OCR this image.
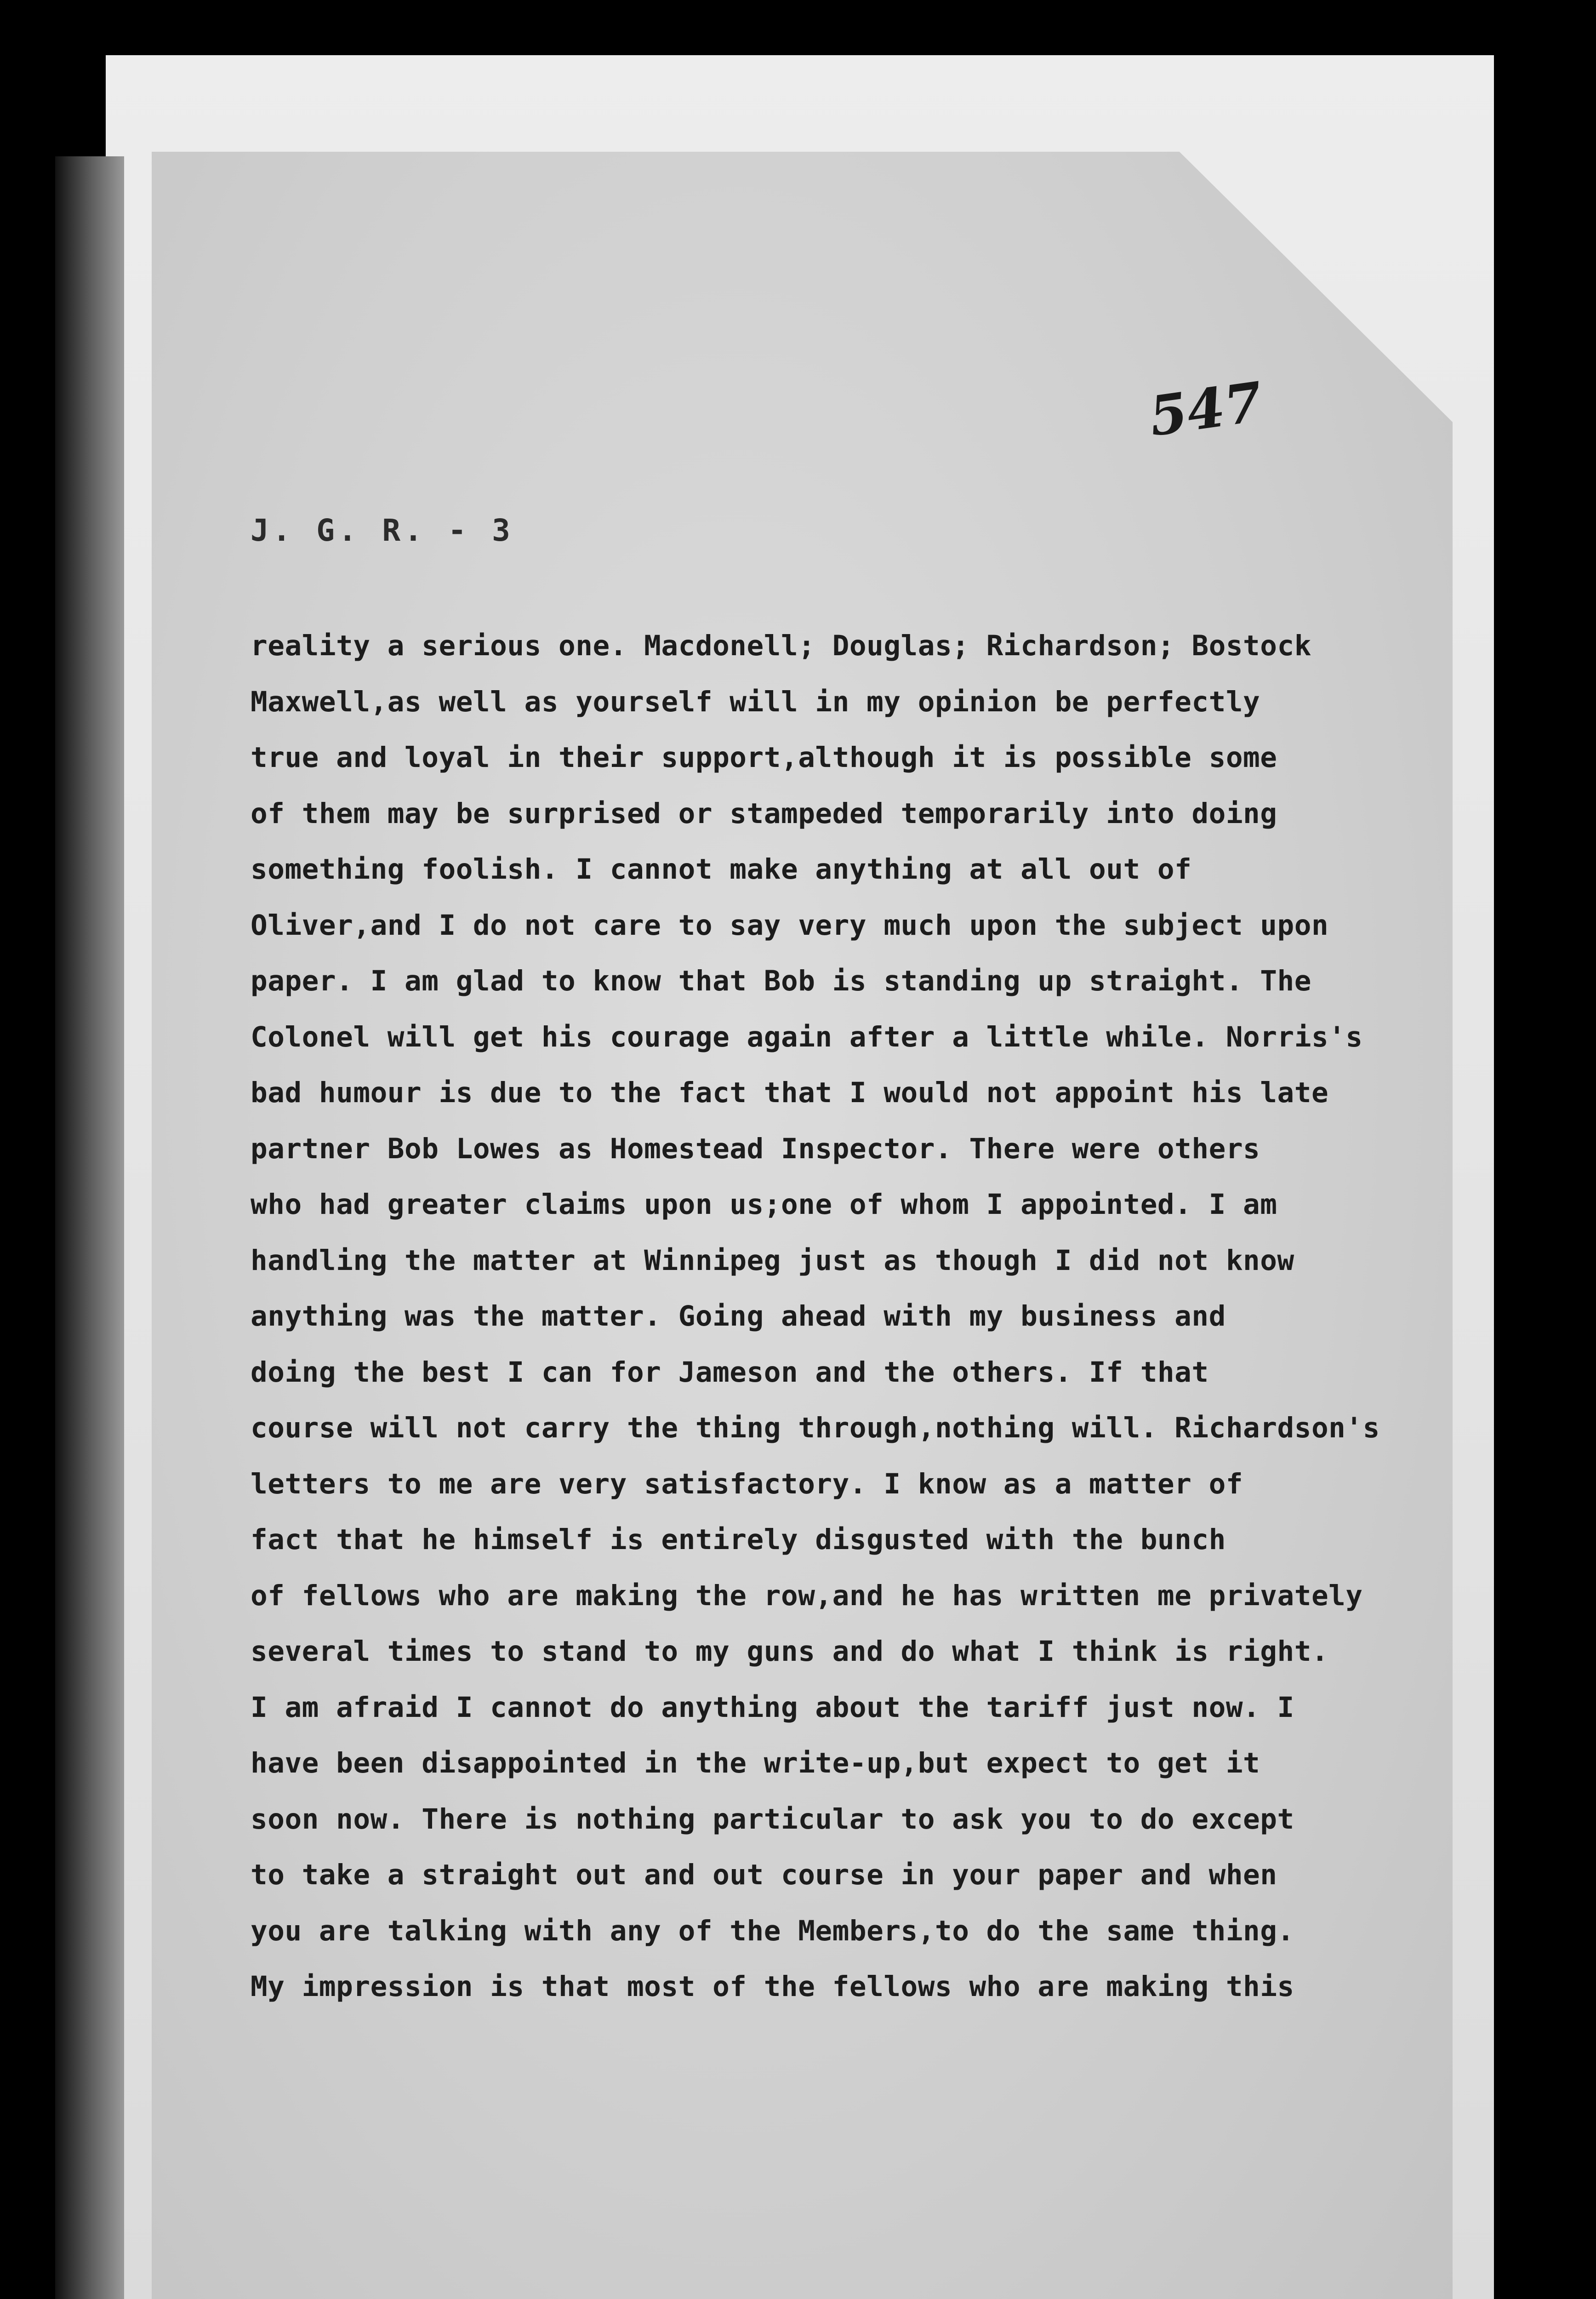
J. G. R. - 3
547
reality a serious one. Macdonell; Douglas; Richardson; Bostock
Maxwell,as well as yourself will in my opinion be perfectly
true and loyal in their support,although it is possible some
of them may be surprised or stampeded temporarily into doing
something foolish. I cannot make anything at all out of
Oliver,and I do not care to say very much upon the subject upon
paper. I am glad to know that Bob is standing up straight. The
Colonel will get his courage again after a little while. Norris's
bad humour is due to the fact that I would not appoint his late
partner Bob Lowes as Homestead Inspector. There were others
who had greater claims upon us;one of whom I appointed. I am
handling the matter at Winnipeg just as though I did not know
anything was the matter. Going ahead with my business and
doing the best I can for Jameson and the others. If that
course will not carry the thing through,nothing will. Richardson's
letters to me are very satisfactory. I know as a matter of
fact that he himself is entirely disgusted with the bunch
of fellows who are making the row,and he has written me privately
several times to stand to my guns and do what I think is right.
I am afraid I cannot do anything about the tariff just now. I
have been disappointed in the write-up,but expect to get it
soon now. There is nothing particular to ask you to do except
to take a straight out and out course in your paper and when
you are talking with any of the Members,to do the same thing.
My impression is that most of the fellows who are making this
